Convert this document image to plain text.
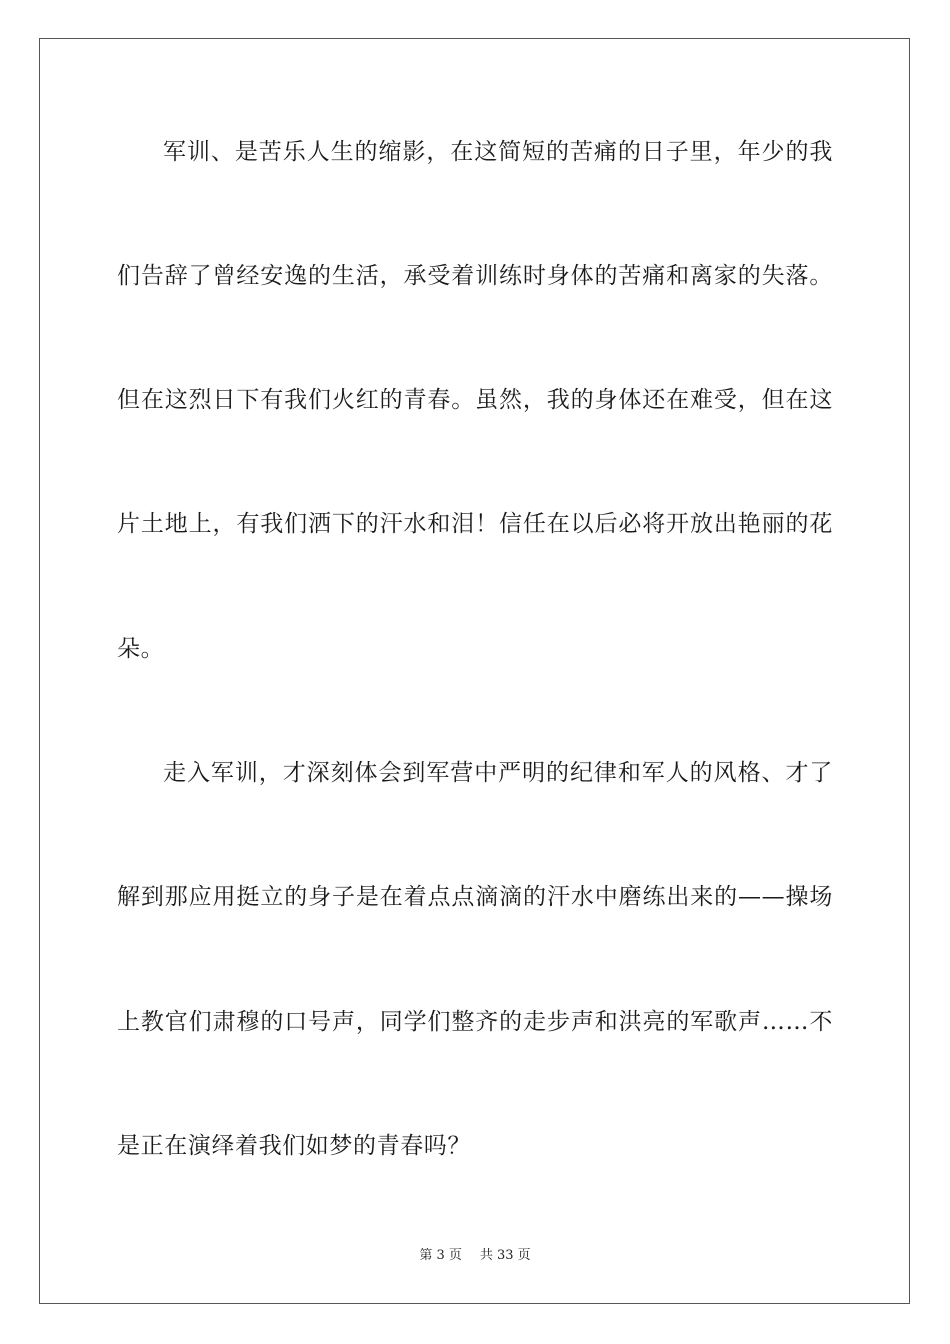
军训、是苦乐人生的缩影，在这简短的苦痛的日子里，年少的我
们告辞了曾经安逸的生活，承受着训练时身体的苦痛和离家的失落。
但在这烈日下有我们火红的青春。虽然，我的身体还在难受，但在这
片土地上，有我们洒下的汗水和泪！信任在以后必将开放出艳丽的花
朵。
走入军训，才深刻体会到军营中严明的纪律和军人的风格、才了
解到那应用挺立的身子是在着点点滴滴的汗水中磨练出来的——操场
上教官们肃穆的口号声，同学们整齐的走步声和洪亮的军歌声……不
是正在演绎着我们如梦的青春吗？
第 3 页 共 33 页
